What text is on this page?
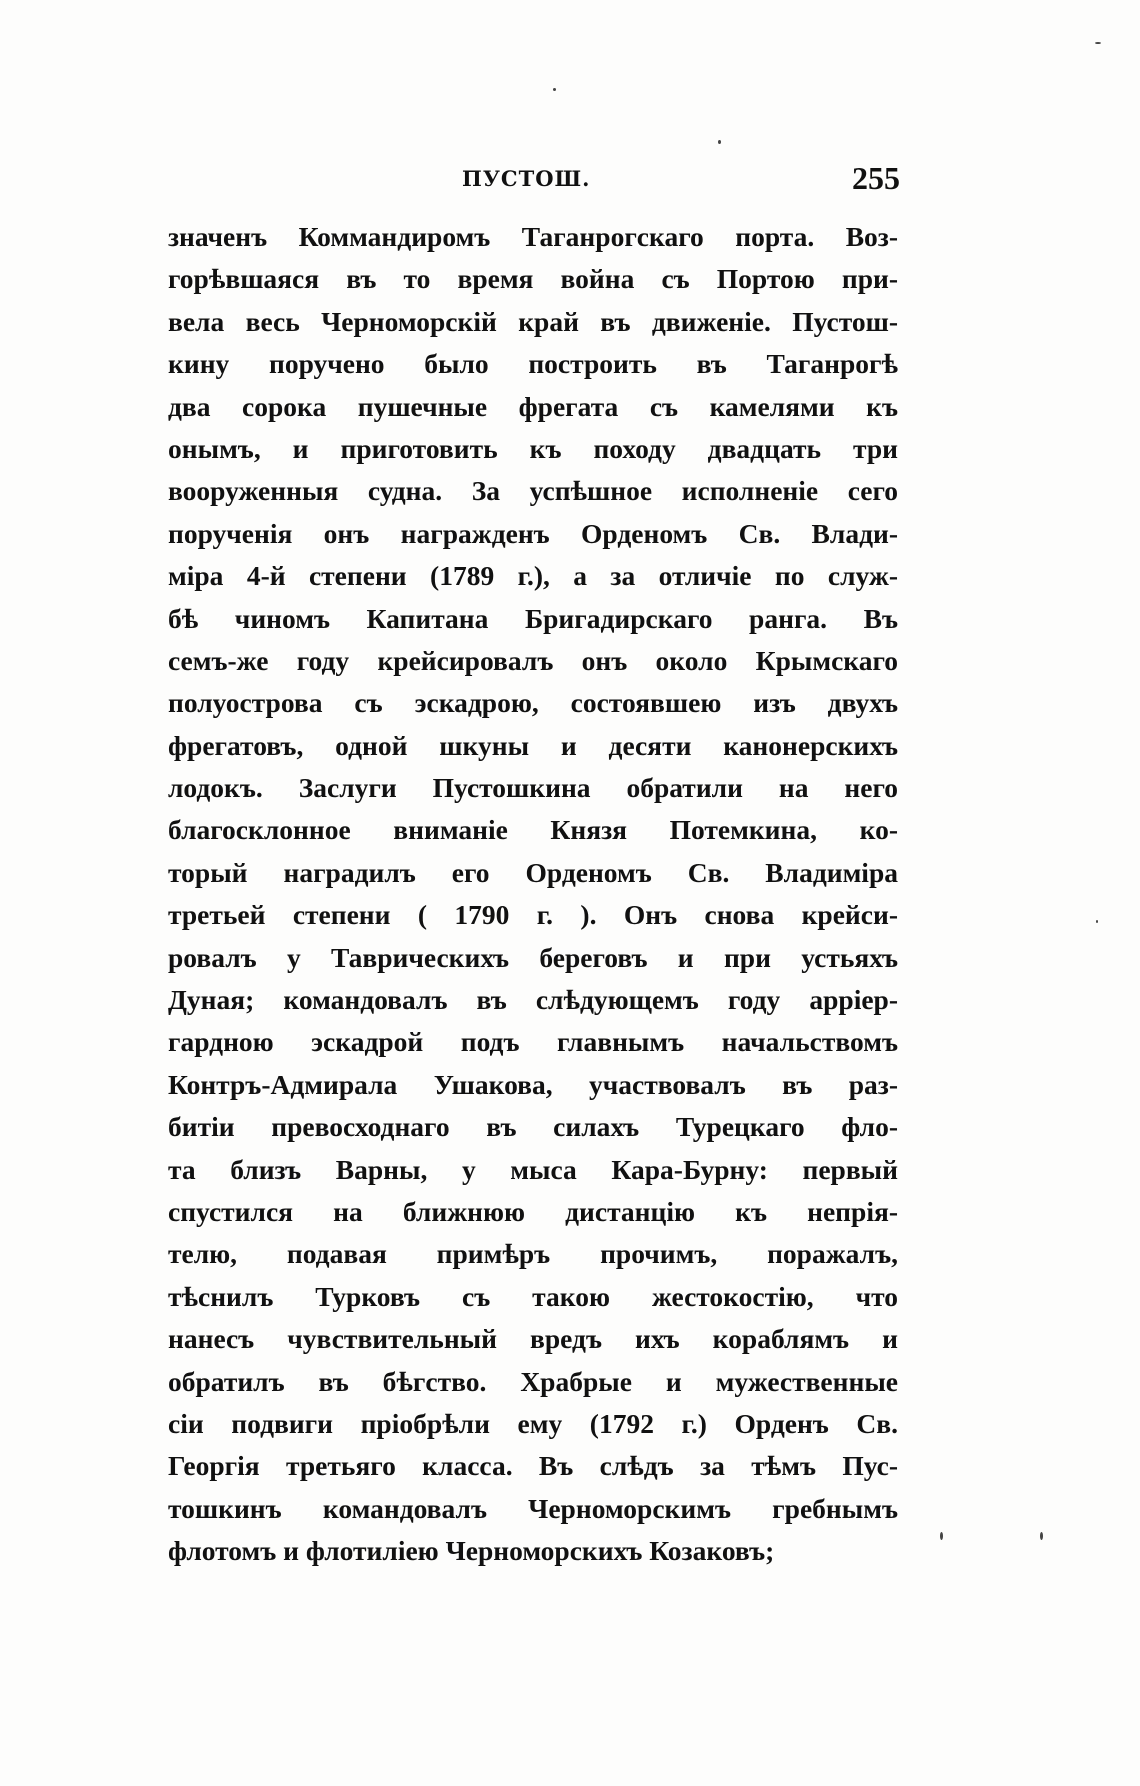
ПУСТОШ.	255
значенъ Коммандиромъ Таганрогскаго порта. Воз-
горѣвшаяся въ то время война съ Портою при-
вела весь Черноморскій край въ движеніе. Пустош-
кину поручено было построить въ Таганрогѣ
два сорока пушечные фрегата съ камелями къ
онымъ, и приготовить къ походу двадцать три
вооруженныя судна. За успѣшное исполненіе сего
порученія онъ награжденъ Орденомъ Св. Влади-
міра 4-й степени (1789 г.), а за отличіе по служ-
бѣ чиномъ Капитана Бригадирскаго ранга. Въ
семъ-же году крейсировалъ онъ около Крымскаго
полуострова съ эскадрою, состоявшею изъ двухъ
фрегатовъ, одной шкуны и десяти канонерскихъ
лодокъ. Заслуги Пустошкина обратили на него
благосклонное вниманіе Князя Потемкина, ко-
торый наградилъ его Орденомъ Св. Владиміра
третьей степени ( 1790 г. ). Онъ снова крейси-
ровалъ у Таврическихъ береговъ и при устьяхъ
Дуная; командовалъ въ слѣдующемъ году арріер-
гардною эскадрой подъ главнымъ начальствомъ
Контръ-Адмирала Ушакова, участвовалъ въ раз-
битіи превосходнаго въ силахъ Турецкаго фло-
та близъ Варны, у мыса Кара-Бурну: первый
спустился на ближнюю дистанцію къ непрія-
телю, подавая примѣръ прочимъ, поражалъ,
тѣснилъ Турковъ съ такою жестокостію, что
нанесъ чувствительный вредъ ихъ кораблямъ и
обратилъ въ бѣгство. Храбрые и мужественные
сіи подвиги пріобрѣли ему (1792 г.) Орденъ Св.
Георгія третьяго класса. Въ слѣдъ за тѣмъ Пус-
тошкинъ командовалъ Черноморскимъ гребнымъ
флотомъ и флотиліею Черноморскихъ Козаковъ;
